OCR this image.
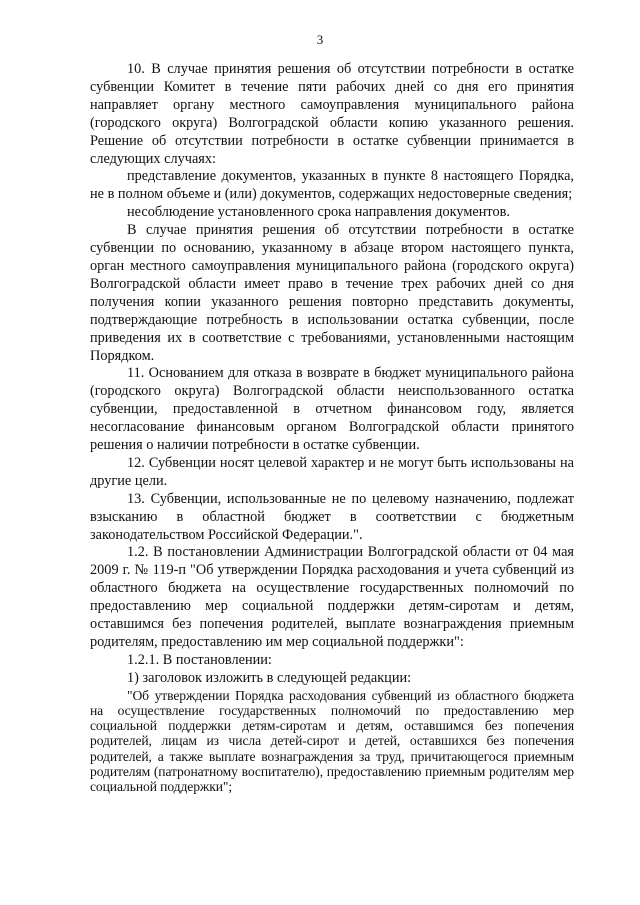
3

10. В случае принятия решения об отсутствии потребности в остатке субвенции Комитет в течение пяти рабочих дней со дня его принятия направляет органу местного самоуправления муниципального района (городского округа) Волгоградской области копию указанного решения. Решение об отсутствии потребности в остатке субвенции принимается в следующих случаях:

представление документов, указанных в пункте 8 настоящего Порядка, не в полном объеме и (или) документов, содержащих недостоверные сведения;

несоблюдение установленного срока направления документов.

В случае принятия решения об отсутствии потребности в остатке субвенции по основанию, указанному в абзаце втором настоящего пункта, орган местного самоуправления муниципального района (городского округа) Волгоградской области имеет право в течение трех рабочих дней со дня получения копии указанного решения повторно представить документы, подтверждающие потребность в использовании остатка субвенции, после приведения их в соответствие с требованиями, установленными настоящим Порядком.

11. Основанием для отказа в возврате в бюджет муниципального района (городского округа) Волгоградской области неиспользованного остатка субвенции, предоставленной в отчетном финансовом году, является несогласование финансовым органом Волгоградской области принятого решения о наличии потребности в остатке субвенции.

12. Субвенции носят целевой характер и не могут быть использованы на другие цели.

13. Субвенции, использованные не по целевому назначению, подлежат взысканию в областной бюджет в соответствии с бюджетным законодательством Российской Федерации.".

1.2. В постановлении Администрации Волгоградской области от 04 мая 2009 г. № 119-п "Об утверждении Порядка расходования и учета субвенций из областного бюджета на осуществление государственных полномочий по предоставлению мер социальной поддержки детям-сиротам и детям, оставшимся без попечения родителей, выплате вознаграждения приемным родителям, предоставлению им мер социальной поддержки":

1.2.1. В постановлении:

1) заголовок изложить в следующей редакции:

"Об утверждении Порядка расходования субвенций из областного бюджета на осуществление государственных полномочий по предоставлению мер социальной поддержки детям-сиротам и детям, оставшимся без попечения родителей, лицам из числа детей-сирот и детей, оставшихся без попечения родителей, а также выплате вознаграждения за труд, причитающегося приемным родителям (патронатному воспитателю), предоставлению приемным родителям мер социальной поддержки";
